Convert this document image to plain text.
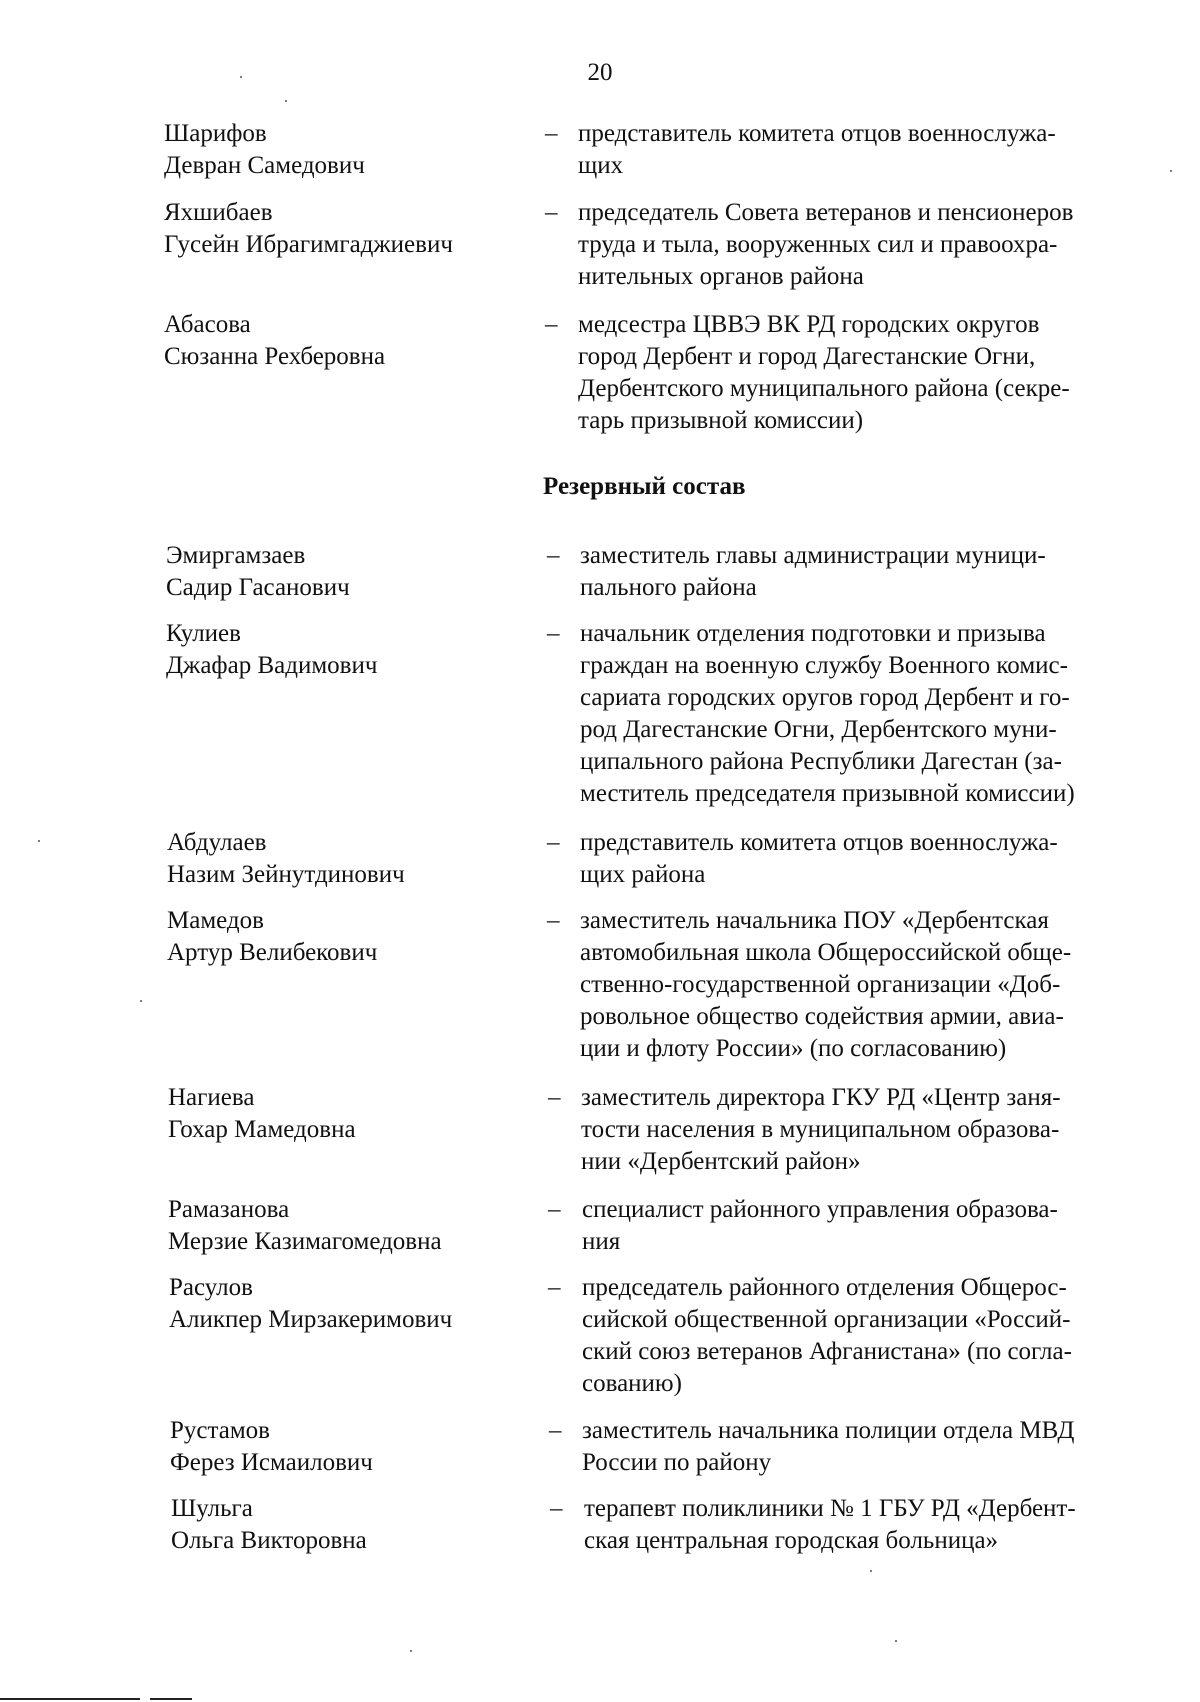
20
Шарифов
Девран Самедович
– представитель комитета отцов военнослужа-
щих
Яхшибаев
Гусейн Ибрагимгаджиевич
– председатель Совета ветеранов и пенсионеров
труда и тыла, вооруженных сил и правоохра-
нительных органов района
Абасова
Сюзанна Рехберовна
– медсестра ЦВВЭ ВК РД городских округов
город Дербент и город Дагестанские Огни,
Дербентского муниципального района (секре-
тарь призывной комиссии)
Резервный состав
Эмиргамзаев
Садир Гасанович
– заместитель главы администрации муници-
пального района
Кулиев
Джафар Вадимович
– начальник отделения подготовки и призыва
граждан на военную службу Военного комис-
сариата городских оругов город Дербент и го-
род Дагестанские Огни, Дербентского муни-
ципального района Республики Дагестан (за-
меститель председателя призывной комиссии)
Абдулаев
Назим Зейнутдинович
– представитель комитета отцов военнослужа-
щих района
Мамедов
Артур Велибекович
– заместитель начальника ПОУ «Дербентская
автомобильная школа Общероссийской обще-
ственно-государственной организации «Доб-
ровольное общество содействия армии, авиа-
ции и флоту России» (по согласованию)
Нагиева
Гохар Мамедовна
– заместитель директора ГКУ РД «Центр заня-
тости населения в муниципальном образова-
нии «Дербентский район»
Рамазанова
Мерзие Казимагомедовна
– специалист районного управления образова-
ния
Расулов
Аликпер Мирзакеримович
– председатель районного отделения Общерос-
сийской общественной организации «Россий-
ский союз ветеранов Афганистана» (по согла-
сованию)
Рустамов
Ферез Исмаилович
– заместитель начальника полиции отдела МВД
России по району
Шульга
Ольга Викторовна
– терапевт поликлиники № 1 ГБУ РД «Дербент-
ская центральная городская больница»
